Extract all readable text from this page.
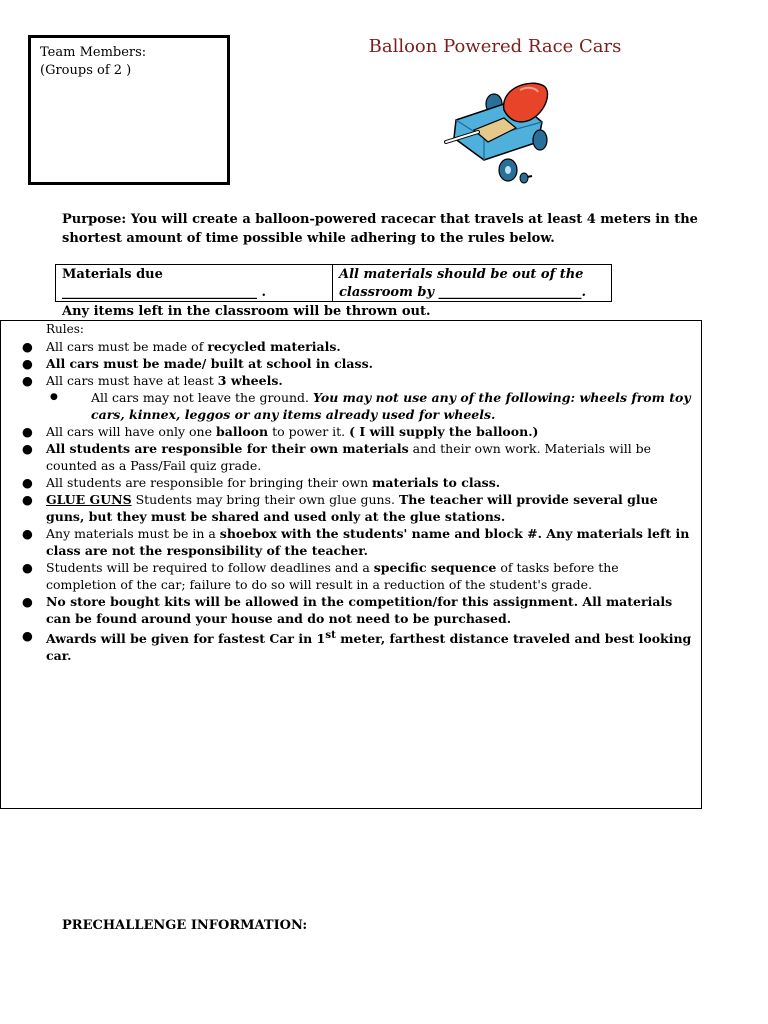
Team Members:
(Groups of 2 )
Balloon Powered Race Cars
Purpose: You will create a balloon-powered racecar that travels at least 4 meters in the shortest amount of time possible while adhering to the rules below.
Materials due
______________________________ .
All materials should be out of the
classroom by ______________________.
Any items left in the classroom will be thrown out.
Rules:
● All cars must be made of recycled materials.
● All cars must be made/ built at school in class.
● All cars must have at least 3 wheels.
●	All cars may not leave the ground. You may not use any of the following: wheels from toy cars, kinnex, leggos or any items already used for wheels.
● All cars will have only one balloon to power it. ( I will supply the balloon.)
● All students are responsible for their own materials and their own work. Materials will be counted as a Pass/Fail quiz grade.
● All students are responsible for bringing their own materials to class.
● GLUE GUNS Students may bring their own glue guns. The teacher will provide several glue guns, but they must be shared and used only at the glue stations.
● Any materials must be in a shoebox with the students' name and block #. Any materials left in class are not the responsibility of the teacher.
● Students will be required to follow deadlines and a specific sequence of tasks before the completion of the car; failure to do so will result in a reduction of the student's grade.
● No store bought kits will be allowed in the competition/for this assignment. All materials can be found around your house and do not need to be purchased.
● Awards will be given for fastest Car in 1st meter, farthest distance traveled and best looking car.
PRECHALLENGE INFORMATION:
